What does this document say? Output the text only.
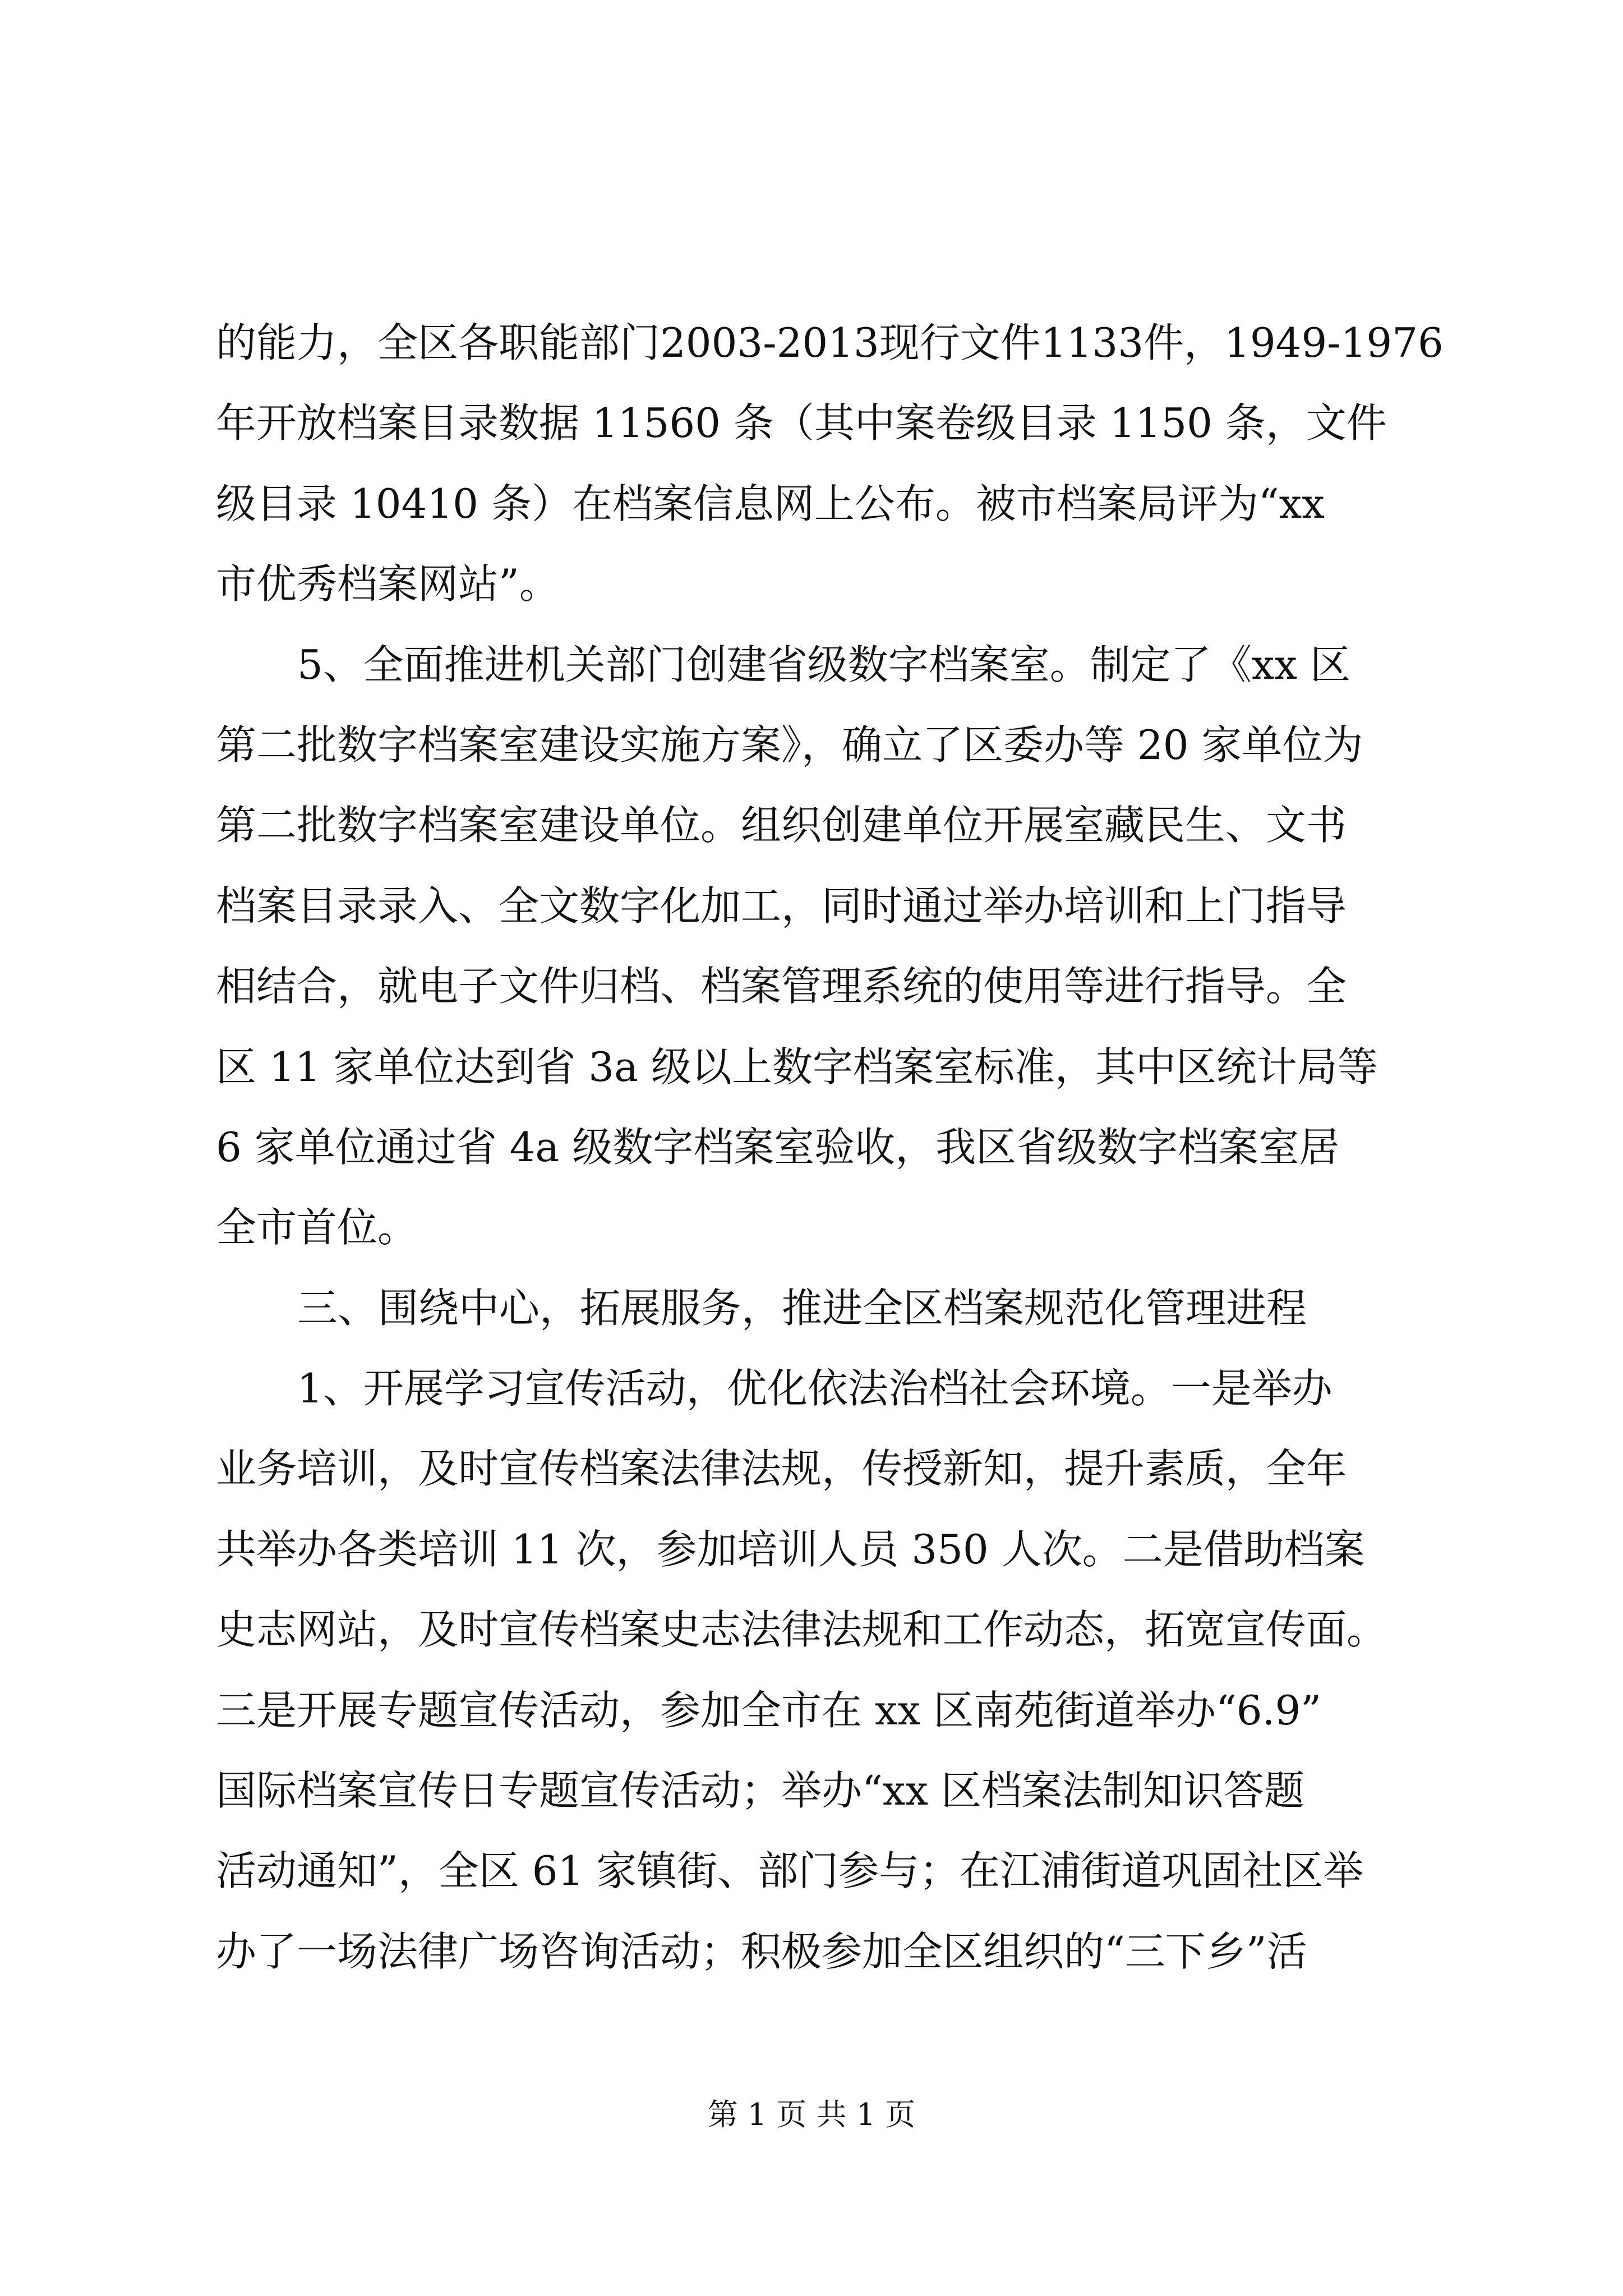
的能力，全区各职能部门2003-2013现行文件1133件，1949-1976
年开放档案目录数据 11560 条（其中案卷级目录 1150 条，文件
级目录 10410 条）在档案信息网上公布。被市档案局评为“xx
市优秀档案网站”。
5、全面推进机关部门创建省级数字档案室。制定了《xx 区
第二批数字档案室建设实施方案》，确立了区委办等 20 家单位为
第二批数字档案室建设单位。组织创建单位开展室藏民生、文书
档案目录录入、全文数字化加工，同时通过举办培训和上门指导
相结合，就电子文件归档、档案管理系统的使用等进行指导。全
区 11 家单位达到省 3a 级以上数字档案室标准，其中区统计局等
6 家单位通过省 4a 级数字档案室验收，我区省级数字档案室居
全市首位。
三、围绕中心，拓展服务，推进全区档案规范化管理进程
1、开展学习宣传活动，优化依法治档社会环境。一是举办
业务培训，及时宣传档案法律法规，传授新知，提升素质，全年
共举办各类培训 11 次，参加培训人员 350 人次。二是借助档案
史志网站，及时宣传档案史志法律法规和工作动态，拓宽宣传面。
三是开展专题宣传活动，参加全市在 xx 区南苑街道举办“6.9”
国际档案宣传日专题宣传活动；举办“xx 区档案法制知识答题
活动通知”，全区 61 家镇街、部门参与；在江浦街道巩固社区举
办了一场法律广场咨询活动；积极参加全区组织的“三下乡”活
第 1 页 共 1 页
